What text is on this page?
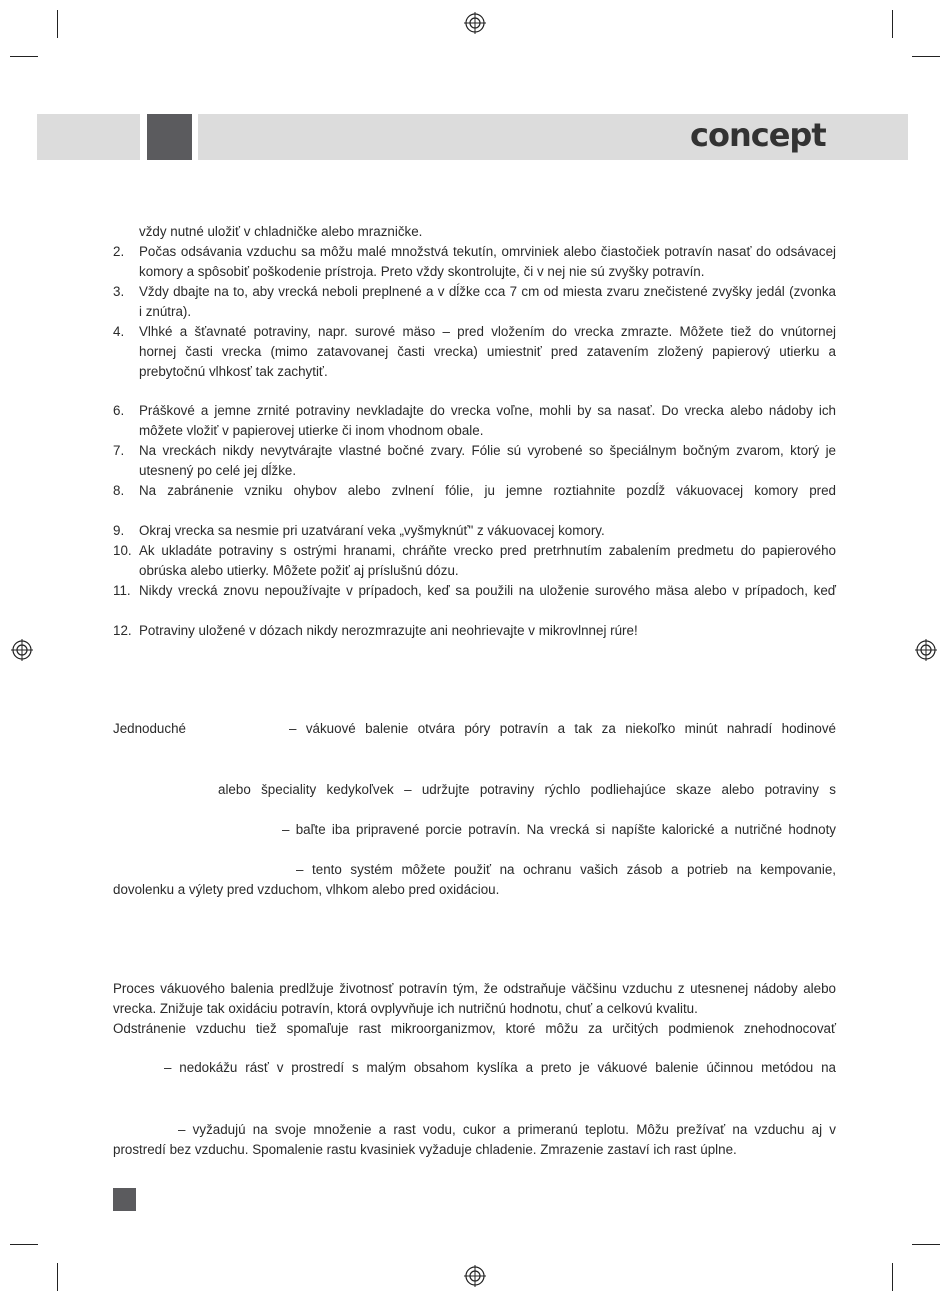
concept
vždy nutné uložiť v chladničke alebo mrazničke.
2. Počas odsávania vzduchu sa môžu malé množstvá tekutín, omrviniek alebo čiastočiek potravín nasať do odsávacej
komory a spôsobiť poškodenie prístroja. Preto vždy skontrolujte, či v nej nie sú zvyšky potravín.
3. Vždy dbajte na to, aby vrecká neboli preplnené a v dĺžke cca 7 cm od miesta zvaru znečistené zvyšky jedál (zvonka
i znútra).
4. Vlhké a šťavnaté potraviny, napr. surové mäso – pred vložením do vrecka zmrazte. Môžete tiež do vnútornej
hornej časti vrecka (mimo zatavovanej časti vrecka) umiestniť pred zatavením zložený papierový utierku a
prebytočnú vlhkosť tak zachytiť.
6. Práškové a jemne zrnité potraviny nevkladajte do vrecka voľne, mohli by sa nasať. Do vrecka alebo nádoby ich
môžete vložiť v papierovej utierke či inom vhodnom obale.
7. Na vreckách nikdy nevytvárajte vlastné bočné zvary. Fólie sú vyrobené so špeciálnym bočným zvarom, ktorý je
utesnený po celé jej dĺžke.
8. Na zabránenie vzniku ohybov alebo zvlnení fólie, ju jemne roztiahnite pozdĺž vákuovacej komory pred
9. Okraj vrecka sa nesmie pri uzatváraní veka „vyšmyknúť" z vákuovacej komory.
10. Ak ukladáte potraviny s ostrými hranami, chráňte vrecko pred pretrhnutím zabalením predmetu do papierového
obrúska alebo utierky. Môžete požiť aj príslušnú dózu.
11. Nikdy vrecká znovu nepoužívajte v prípadoch, keď sa použili na uloženie surového mäsa alebo v prípadoch, keď
12. Potraviny uložené v dózach nikdy nerozmrazujte ani neohrievajte v mikrovlnnej rúre!
Jednoduché	– vákuové balenie otvára póry potravín a tak za niekoľko minút nahradí hodinové
alebo špeciality kedykoľvek – udržujte potraviny rýchlo podliehajúce skaze alebo potraviny s
– baľte iba pripravené porcie potravín. Na vrecká si napíšte kalorické a nutričné hodnoty
– tento systém môžete použiť na ochranu vašich zásob a potrieb na kempovanie,
dovolenku a výlety pred vzduchom, vlhkom alebo pred oxidáciou.
Proces vákuového balenia predlžuje životnosť potravín tým, že odstraňuje väčšinu vzduchu z utesnenej nádoby alebo
vrecka. Znižuje tak oxidáciu potravín, ktorá ovplyvňuje ich nutričnú hodnotu, chuť a celkovú kvalitu.
Odstránenie vzduchu tiež spomaľuje rast mikroorganizmov, ktoré môžu za určitých podmienok znehodnocovať
– nedokážu rásť v prostredí s malým obsahom kyslíka a preto je vákuové balenie účinnou metódou na
– vyžadujú na svoje množenie a rast vodu, cukor a primeranú teplotu. Môžu prežívať na vzduchu aj v
prostredí bez vzduchu. Spomalenie rastu kvasiniek vyžaduje chladenie. Zmrazenie zastaví ich rast úplne.
